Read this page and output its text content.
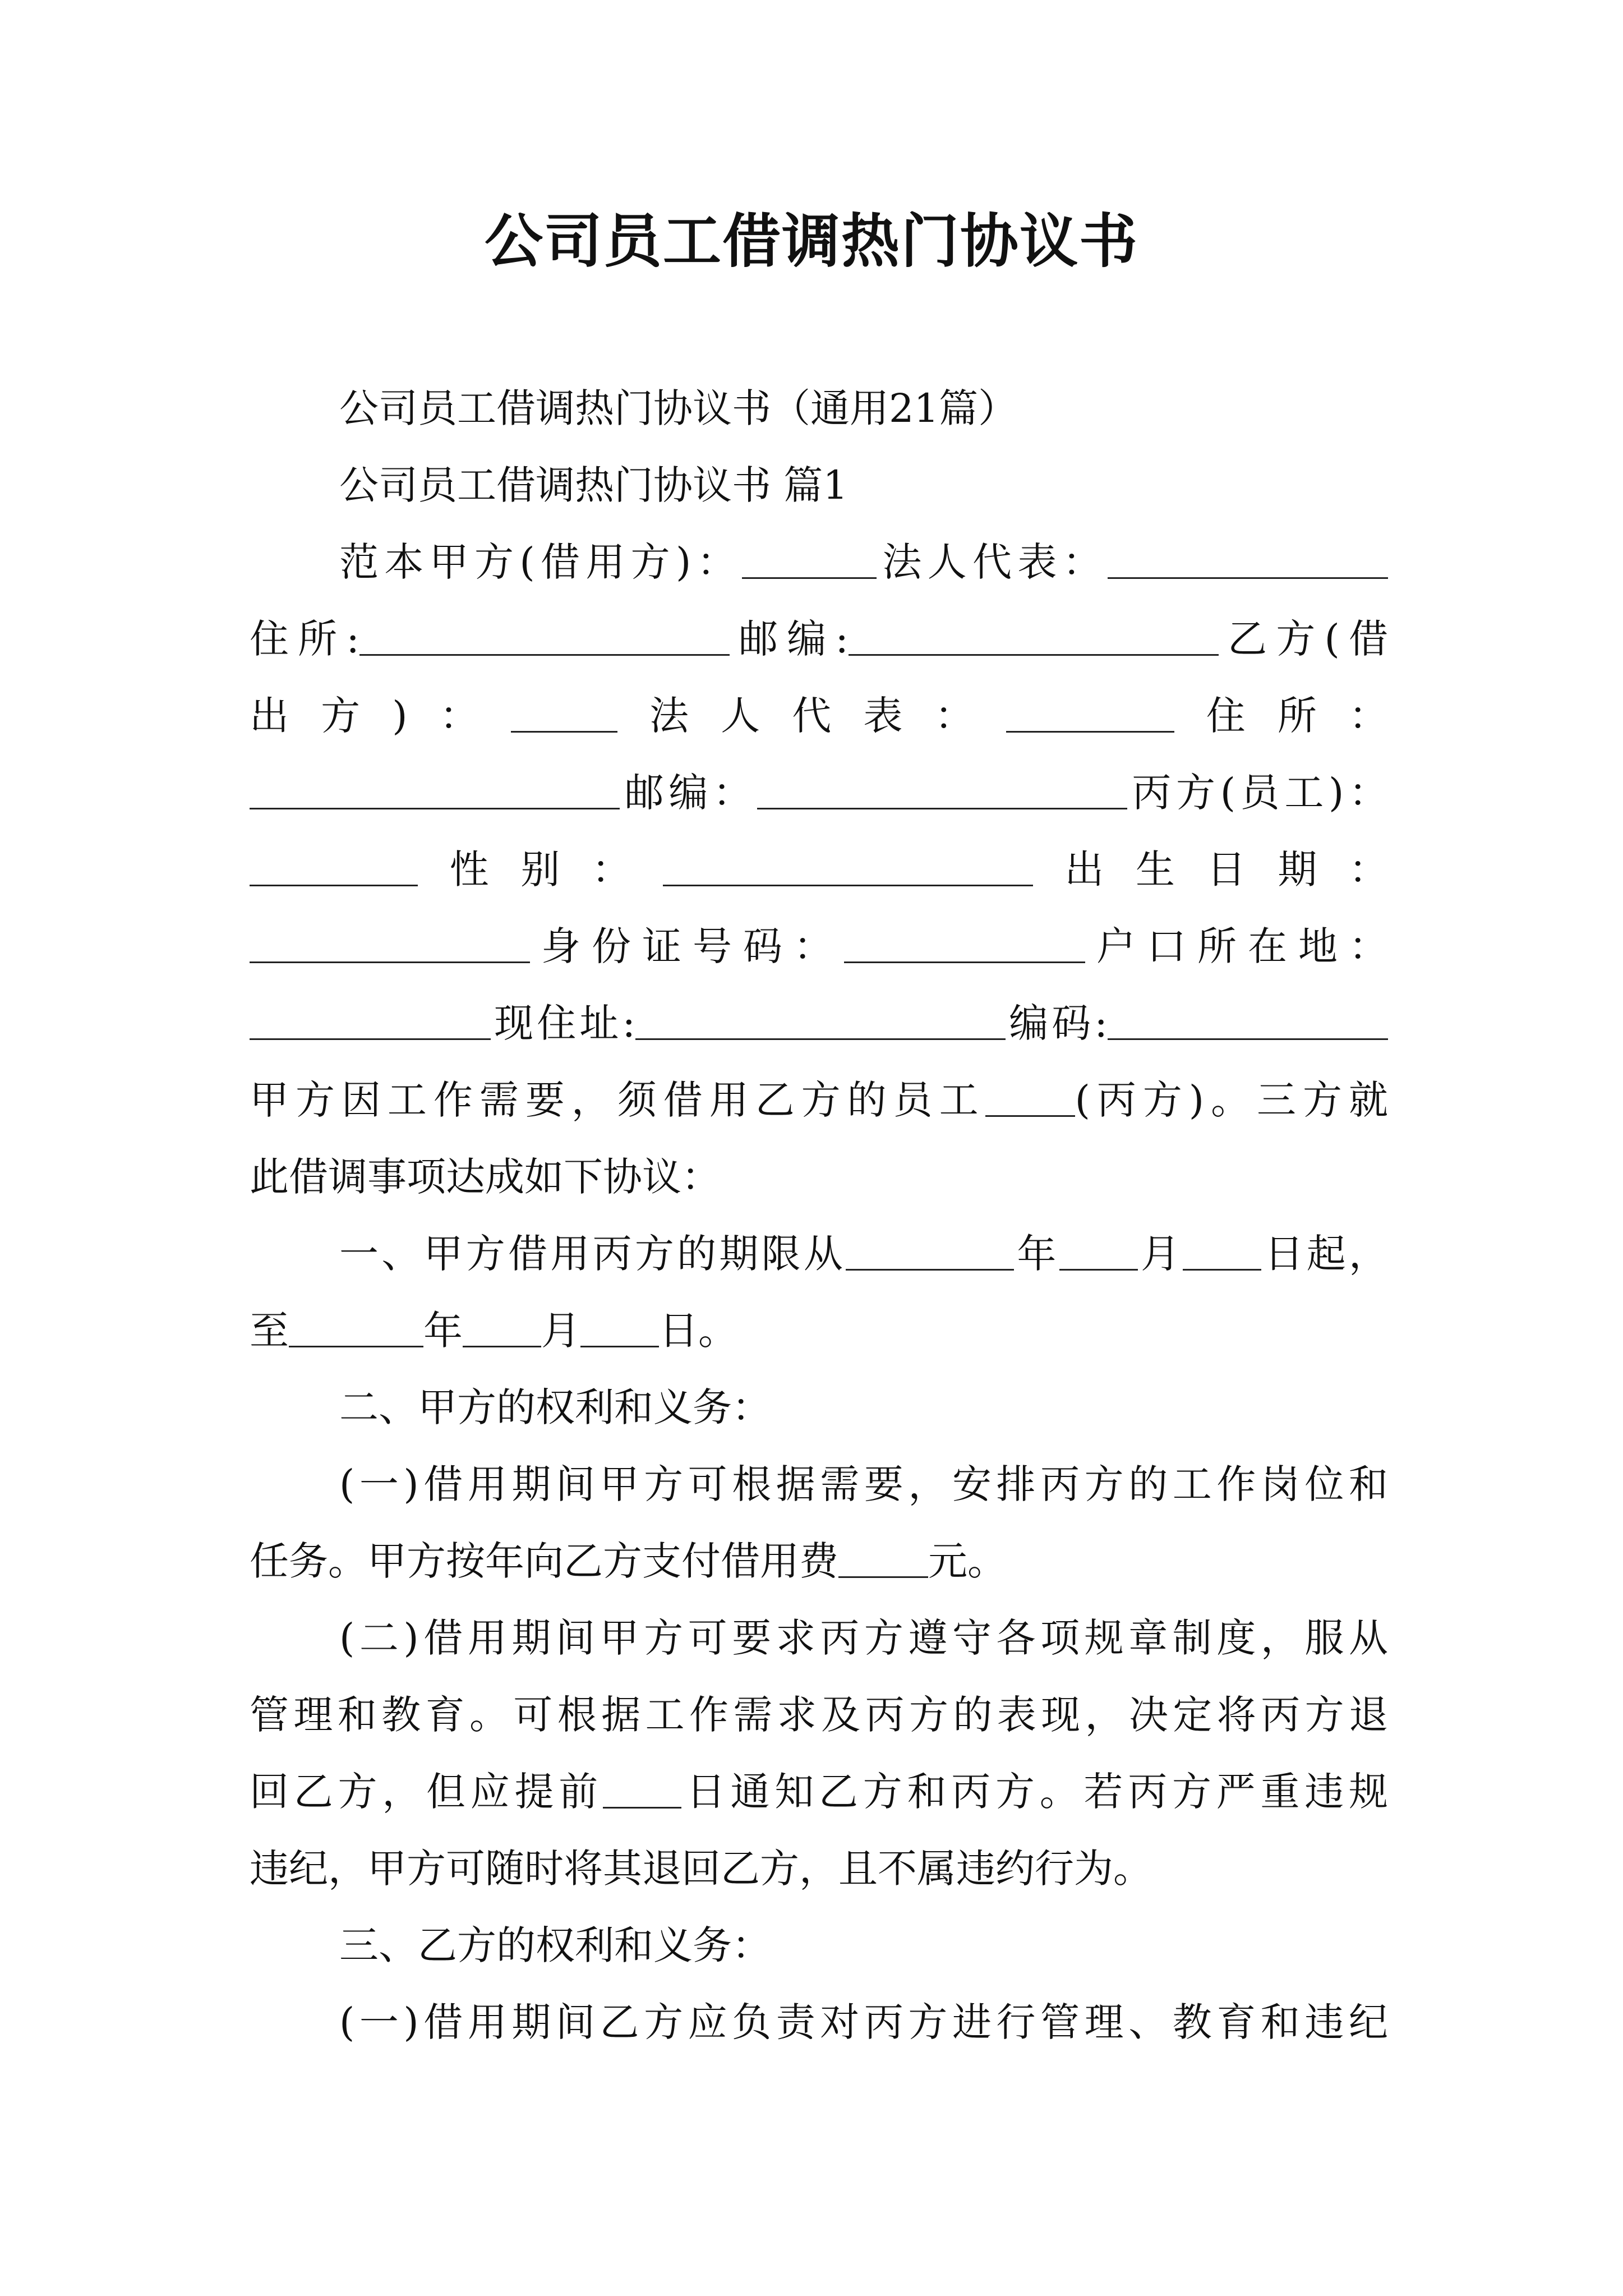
公司员工借调热门协议书
公司员工借调热门协议书（通用21篇）
公司员工借调热门协议书 篇1
范本甲方(借用方)：	法人代表：
住所:	邮编:	乙方(借
出方)：	法人代表：	住所：
邮编：	丙方(员工)：
性别：	出生日期：
身份证号码：	户口所在地：
现住址:	编码:
甲方因工作需要，须借用乙方的员工 (丙方)。三方就
此借调事项达成如下协议：
一、甲方借用丙方的期限从	年 月 日起，
至	年 月 日。
二、甲方的权利和义务：
(一)借用期间甲方可根据需要，安排丙方的工作岗位和
任务。甲方按年向乙方支付借用费 元。
(二)借用期间甲方可要求丙方遵守各项规章制度，服从
管理和教育。可根据工作需求及丙方的表现，决定将丙方退
回乙方，但应提前 日通知乙方和丙方。若丙方严重违规
违纪，甲方可随时将其退回乙方，且不属违约行为。
三、乙方的权利和义务：
(一)借用期间乙方应负责对丙方进行管理、教育和违纪
